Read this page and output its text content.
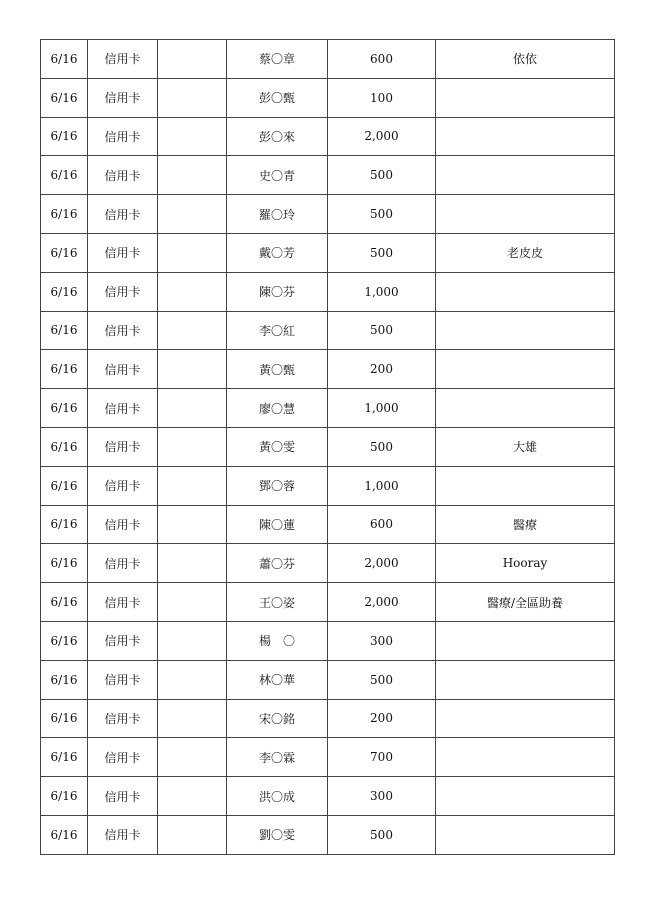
6/16	信用卡		蔡〇章	600	依依
6/16	信用卡		彭〇甄	100	
6/16	信用卡		彭〇來	2,000	
6/16	信用卡		史〇青	500	
6/16	信用卡		羅〇玲	500	
6/16	信用卡		戴〇芳	500	老皮皮
6/16	信用卡		陳〇芬	1,000	
6/16	信用卡		李〇紅	500	
6/16	信用卡		黃〇甄	200	
6/16	信用卡		廖〇慧	1,000	
6/16	信用卡		黃〇雯	500	大雄
6/16	信用卡		鄧〇蓉	1,000	
6/16	信用卡		陳〇蓮	600	醫療
6/16	信用卡		蕭〇芬	2,000	Hooray
6/16	信用卡		王〇姿	2,000	醫療/全區助養
6/16	信用卡		楊　〇	300	
6/16	信用卡		林〇華	500	
6/16	信用卡		宋〇銘	200	
6/16	信用卡		李〇霖	700	
6/16	信用卡		洪〇成	300	
6/16	信用卡		劉〇雯	500	
